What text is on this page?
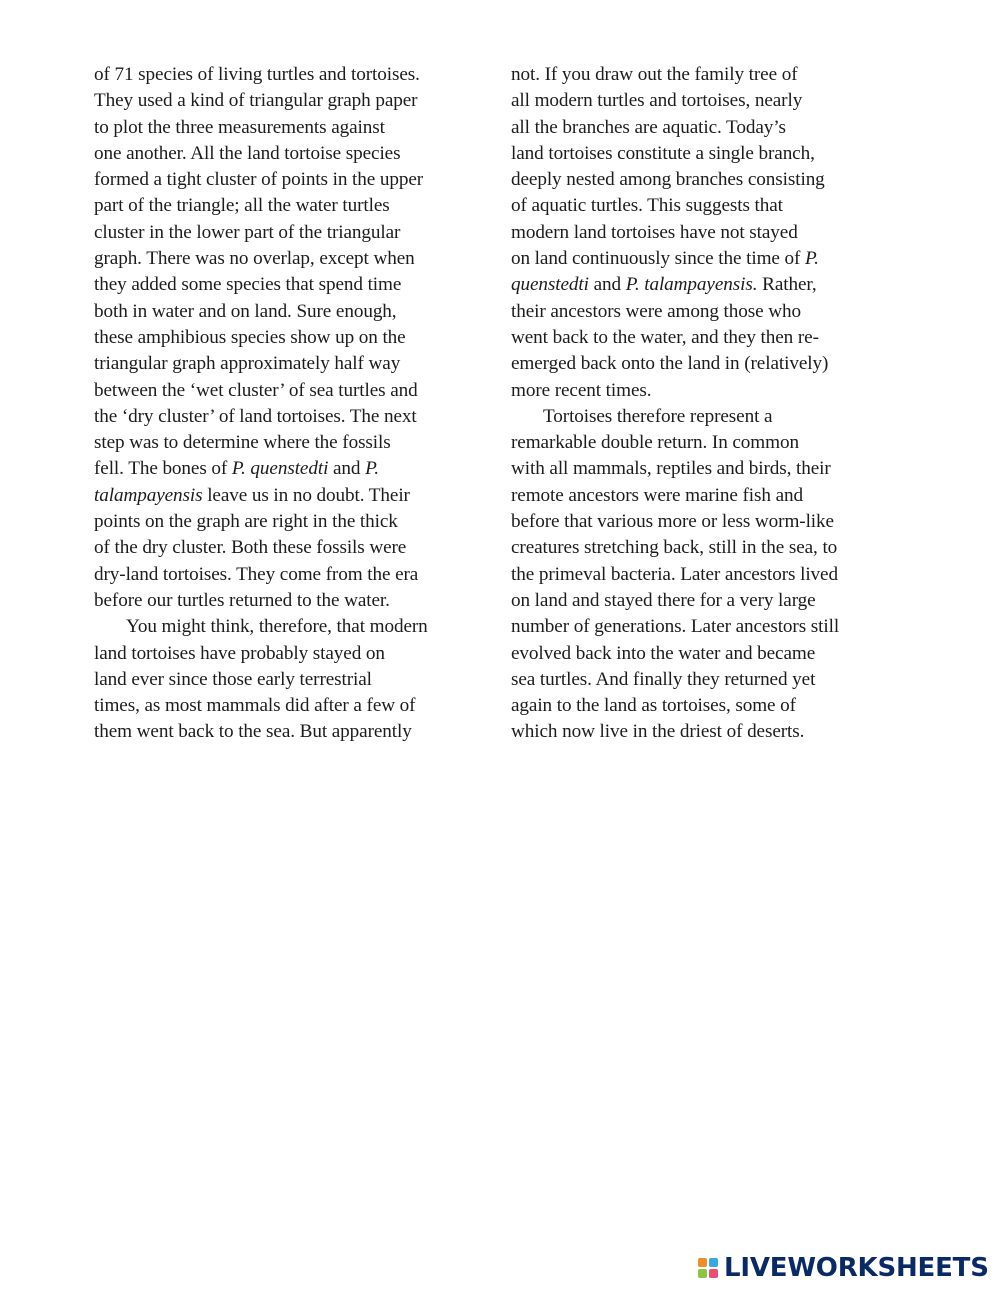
of 71 species of living turtles and tortoises.
They used a kind of triangular graph paper
to plot the three measurements against
one another. All the land tortoise species
formed a tight cluster of points in the upper
part of the triangle; all the water turtles
cluster in the lower part of the triangular
graph. There was no overlap, except when
they added some species that spend time
both in water and on land. Sure enough,
these amphibious species show up on the
triangular graph approximately half way
between the ‘wet cluster’ of sea turtles and
the ‘dry cluster’ of land tortoises. The next
step was to determine where the fossils
fell. The bones of P. quenstedti and P.
talampayensis leave us in no doubt. Their
points on the graph are right in the thick
of the dry cluster. Both these fossils were
dry-land tortoises. They come from the era
before our turtles returned to the water.
You might think, therefore, that modern
land tortoises have probably stayed on
land ever since those early terrestrial
times, as most mammals did after a few of
them went back to the sea. But apparently
not. If you draw out the family tree of
all modern turtles and tortoises, nearly
all the branches are aquatic. Today’s
land tortoises constitute a single branch,
deeply nested among branches consisting
of aquatic turtles. This suggests that
modern land tortoises have not stayed
on land continuously since the time of P.
quenstedti and P. talampayensis. Rather,
their ancestors were among those who
went back to the water, and they then re-
emerged back onto the land in (relatively)
more recent times.
Tortoises therefore represent a
remarkable double return. In common
with all mammals, reptiles and birds, their
remote ancestors were marine fish and
before that various more or less worm-like
creatures stretching back, still in the sea, to
the primeval bacteria. Later ancestors lived
on land and stayed there for a very large
number of generations. Later ancestors still
evolved back into the water and became
sea turtles. And finally they returned yet
again to the land as tortoises, some of
which now live in the driest of deserts.
LIVEWORKSHEETS
